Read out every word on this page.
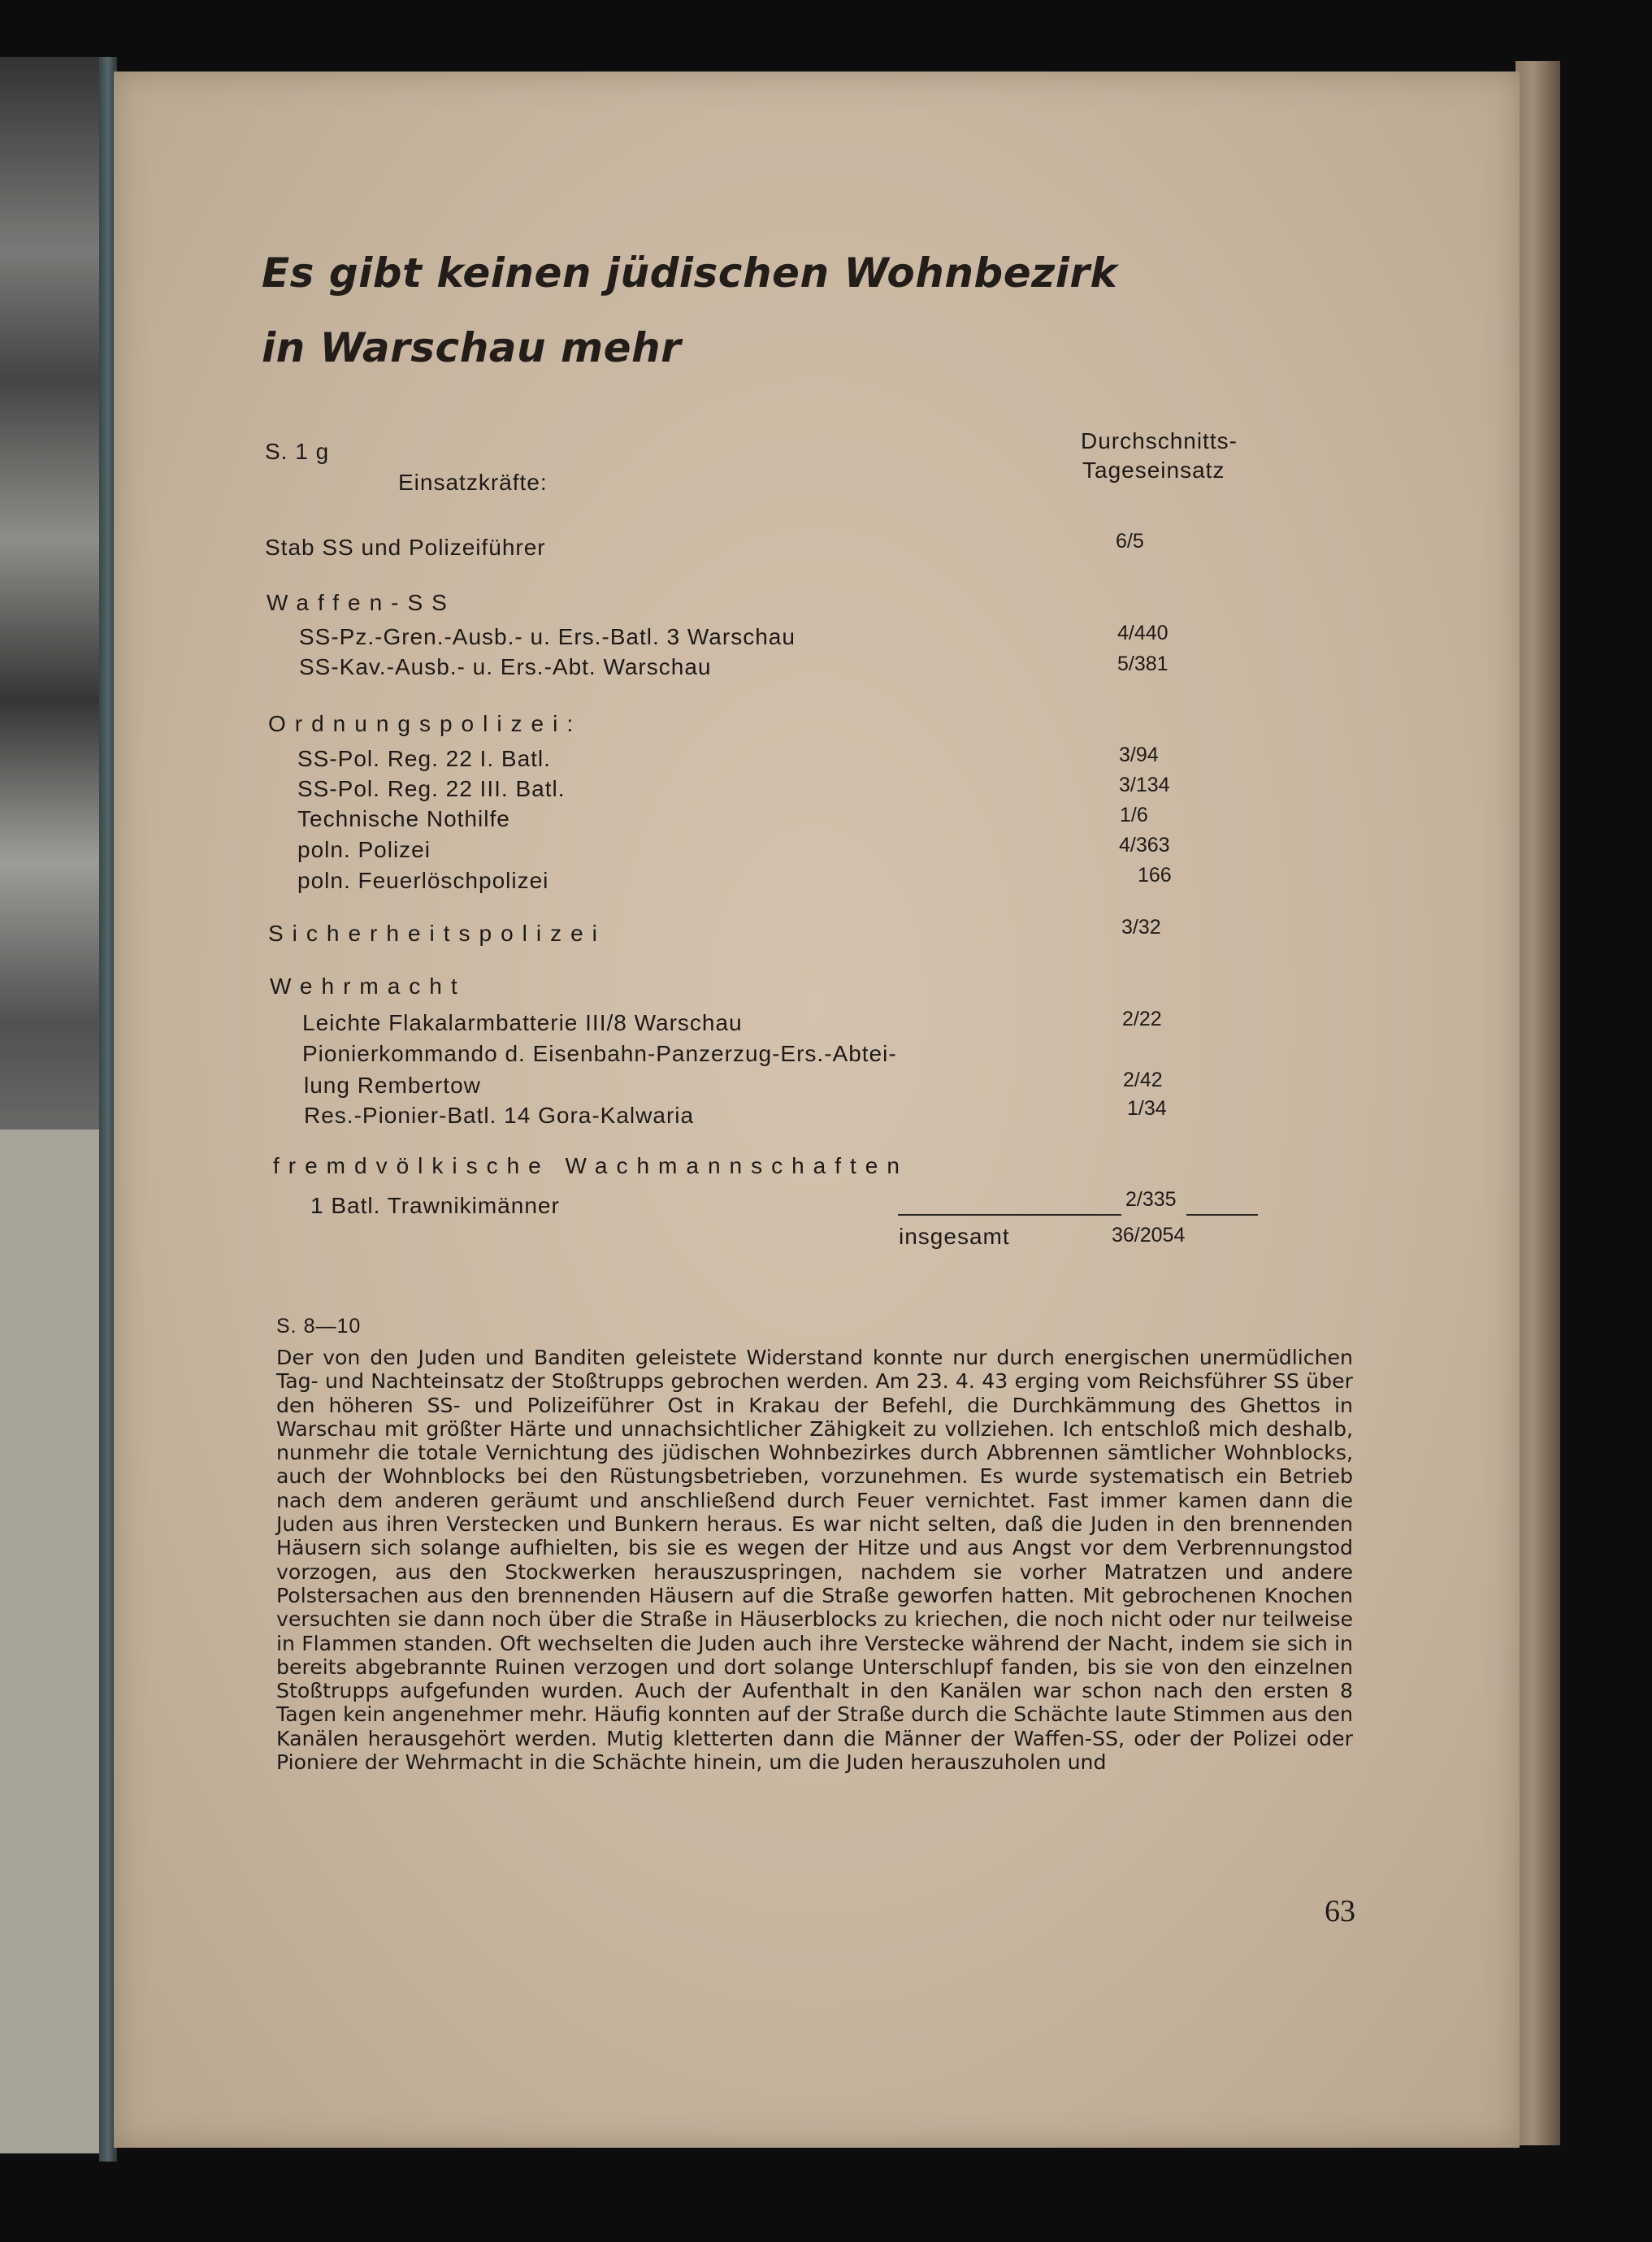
Es gibt keinen jüdischen Wohnbezirk
in Warschau mehr
S. 1 g
Einsatzkräfte:
Durchschnitts-
Tageseinsatz
Stab SS und Polizeiführer	6/5
Waffen-SS
SS-Pz.-Gren.-Ausb.- u. Ers.-Batl. 3 Warschau	4/440
SS-Kav.-Ausb.- u. Ers.-Abt. Warschau	5/381
Ordnungspolizei:
SS-Pol. Reg. 22 I. Batl.	3/94
SS-Pol. Reg. 22 III. Batl.	3/134
Technische Nothilfe	1/6
poln. Polizei	4/363
poln. Feuerlöschpolizei	166
Sicherheitspolizei	3/32
Wehrmacht
Leichte Flakalarmbatterie III/8 Warschau	2/22
Pionierkommando d. Eisenbahn-Panzerzug-Ers.-Abtei-
lung Rembertow	2/42
Res.-Pionier-Batl. 14 Gora-Kalwaria	1/34
fremdvölkische Wachmannschaften
1 Batl. Trawnikimänner	2/335
insgesamt	36/2054
S. 8—10
Der von den Juden und Banditen geleistete Widerstand konnte nur durch energischen unermüdlichen Tag- und Nachteinsatz der Stoßtrupps gebrochen werden. Am 23. 4. 43 erging vom Reichsführer SS über den höheren SS- und Polizeiführer Ost in Krakau der Befehl, die Durchkämmung des Ghettos in Warschau mit größter Härte und unnachsichtlicher Zähigkeit zu vollziehen. Ich entschloß mich deshalb, nunmehr die totale Vernichtung des jüdischen Wohnbezirkes durch Abbrennen sämtlicher Wohnblocks, auch der Wohnblocks bei den Rüstungsbetrieben, vorzunehmen. Es wurde systematisch ein Betrieb nach dem anderen geräumt und anschließend durch Feuer vernichtet. Fast immer kamen dann die Juden aus ihren Verstecken und Bunkern heraus. Es war nicht selten, daß die Juden in den brennenden Häusern sich solange aufhielten, bis sie es wegen der Hitze und aus Angst vor dem Verbrennungstod vorzogen, aus den Stockwerken herauszuspringen, nachdem sie vorher Matratzen und andere Polstersachen aus den brennenden Häusern auf die Straße geworfen hatten. Mit gebrochenen Knochen versuchten sie dann noch über die Straße in Häuserblocks zu kriechen, die noch nicht oder nur teilweise in Flammen standen. Oft wechselten die Juden auch ihre Verstecke während der Nacht, indem sie sich in bereits abgebrannte Ruinen verzogen und dort solange Unterschlupf fanden, bis sie von den einzelnen Stoßtrupps aufgefunden wurden. Auch der Aufenthalt in den Kanälen war schon nach den ersten 8 Tagen kein angenehmer mehr. Häufig konnten auf der Straße durch die Schächte laute Stimmen aus den Kanälen herausgehört werden. Mutig kletterten dann die Männer der Waffen-SS, oder der Polizei oder Pioniere der Wehrmacht in die Schächte hinein, um die Juden herauszuholen und
63
